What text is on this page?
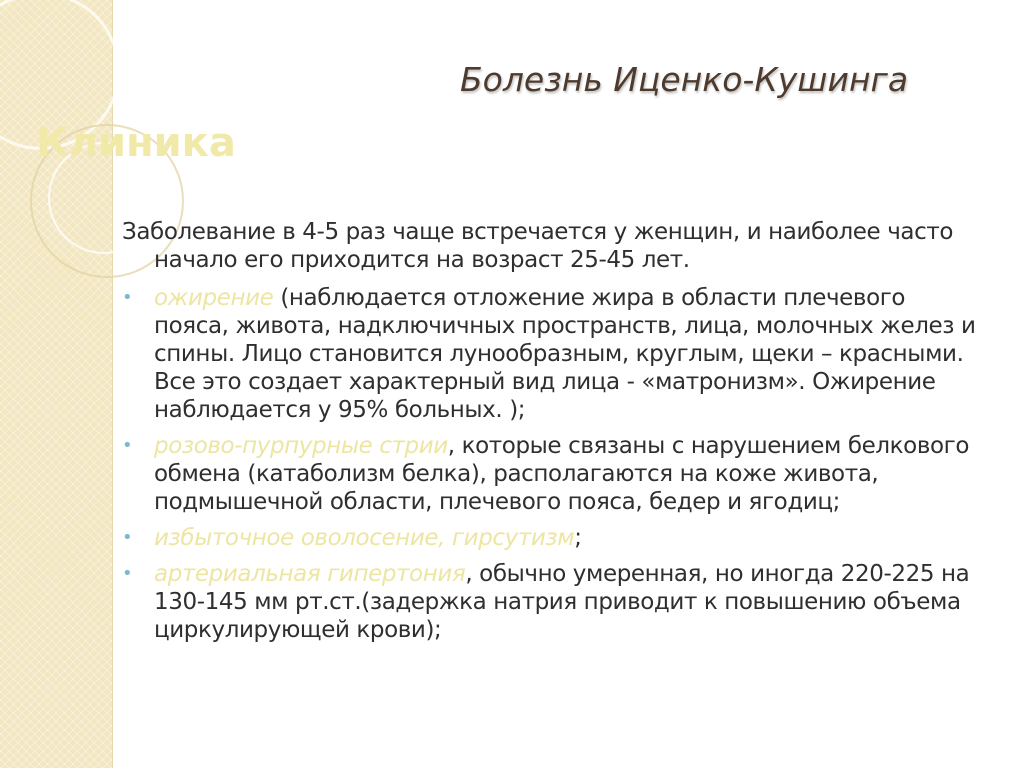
Болезнь Иценко-Кушинга
Клиника

Заболевание в 4-5 раз чаще встречается у женщин, и наиболее часто начало его приходится на возраст 25-45 лет.

• ожирение (наблюдается отложение жира в области плечевого пояса, живота, надключичных пространств, лица, молочных желез и спины. Лицо становится лунообразным, круглым, щеки – красными. Все это создает характерный вид лица - «матронизм». Ожирение наблюдается у 95% больных. );
• розово-пурпурные стрии, которые связаны с нарушением белкового обмена (катаболизм белка), располагаются на коже живота, подмышечной области, плечевого пояса, бедер и ягодиц;
• избыточное оволосение, гирсутизм;
• артериальная гипертония, обычно умеренная, но иногда 220-225 на 130-145 мм рт.ст.(задержка натрия приводит к повышению объема циркулирующей крови);
